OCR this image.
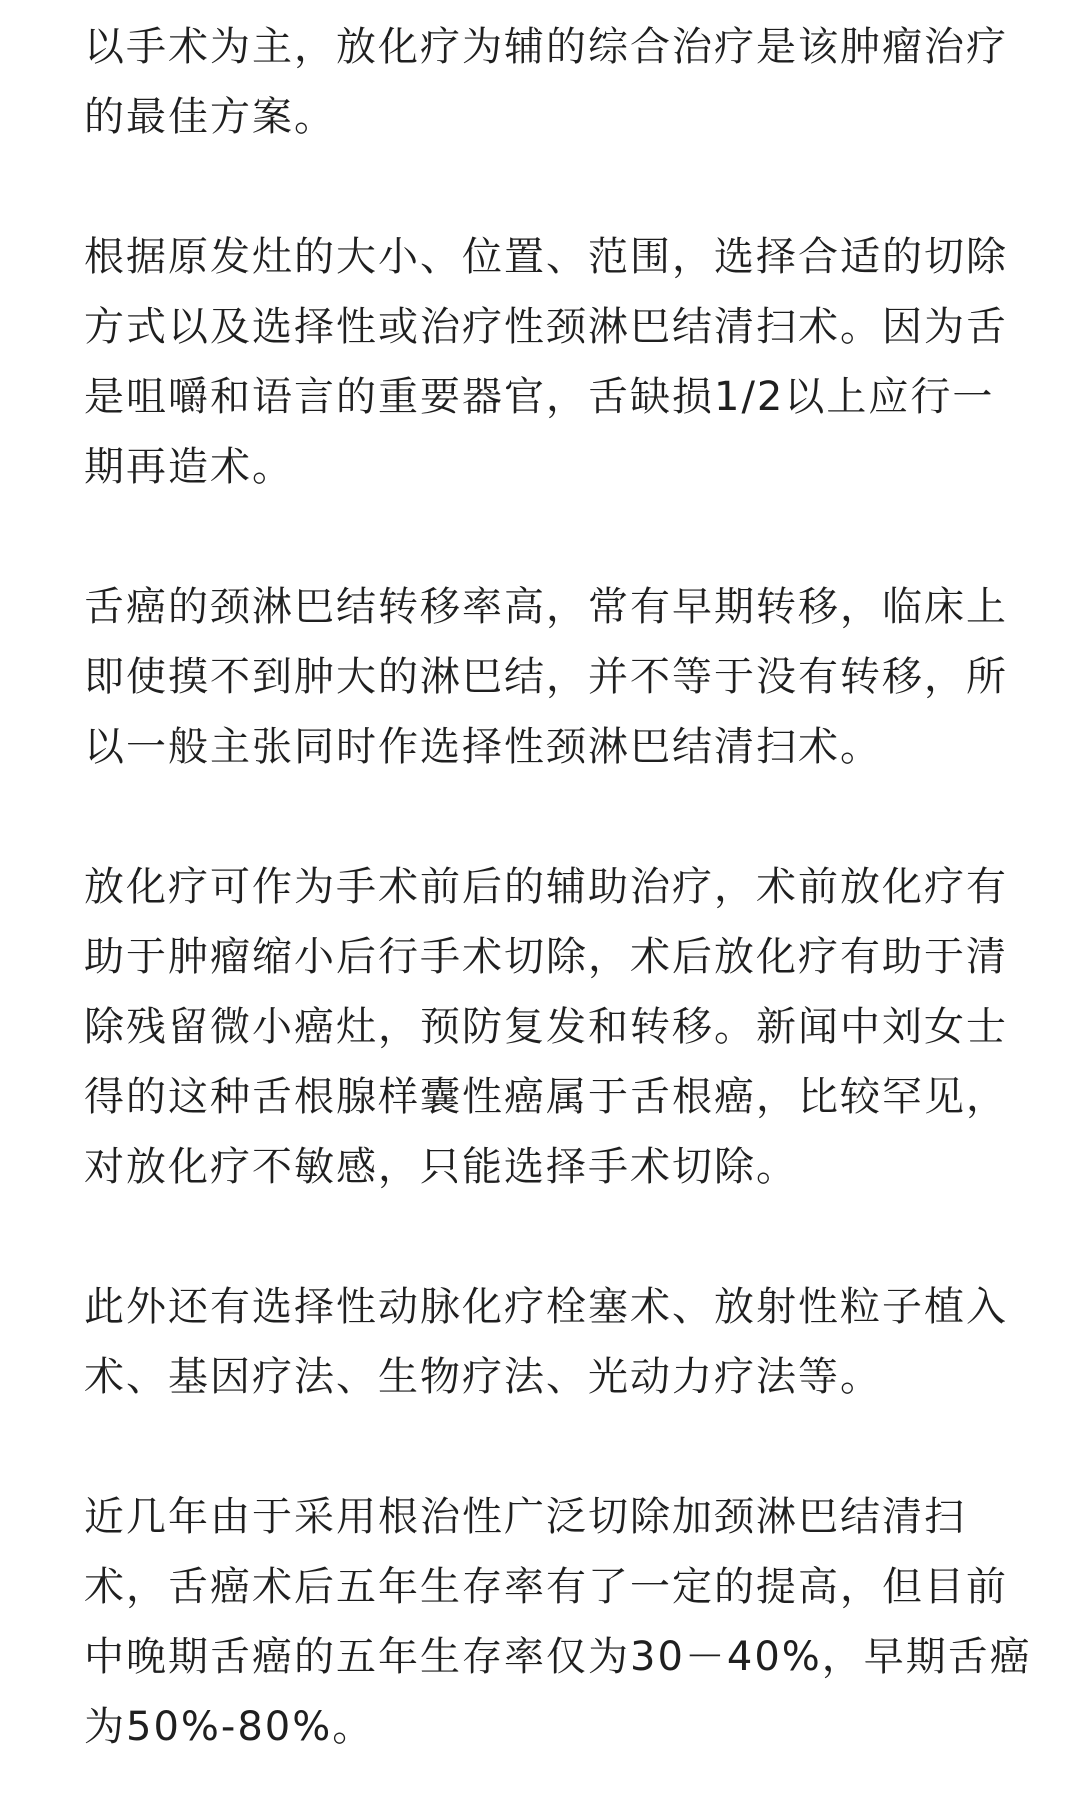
以手术为主，放化疗为辅的综合治疗是该肿瘤治疗
的最佳方案。

根据原发灶的大小、位置、范围，选择合适的切除
方式以及选择性或治疗性颈淋巴结清扫术。因为舌
是咀嚼和语言的重要器官，舌缺损1/2以上应行一
期再造术。

舌癌的颈淋巴结转移率高，常有早期转移，临床上
即使摸不到肿大的淋巴结，并不等于没有转移，所
以一般主张同时作选择性颈淋巴结清扫术。

放化疗可作为手术前后的辅助治疗，术前放化疗有
助于肿瘤缩小后行手术切除，术后放化疗有助于清
除残留微小癌灶，预防复发和转移。新闻中刘女士
得的这种舌根腺样囊性癌属于舌根癌，比较罕见，
对放化疗不敏感，只能选择手术切除。

此外还有选择性动脉化疗栓塞术、放射性粒子植入
术、基因疗法、生物疗法、光动力疗法等。

近几年由于采用根治性广泛切除加颈淋巴结清扫
术，舌癌术后五年生存率有了一定的提高，但目前
中晚期舌癌的五年生存率仅为30－40%，早期舌癌
为50%-80%。
